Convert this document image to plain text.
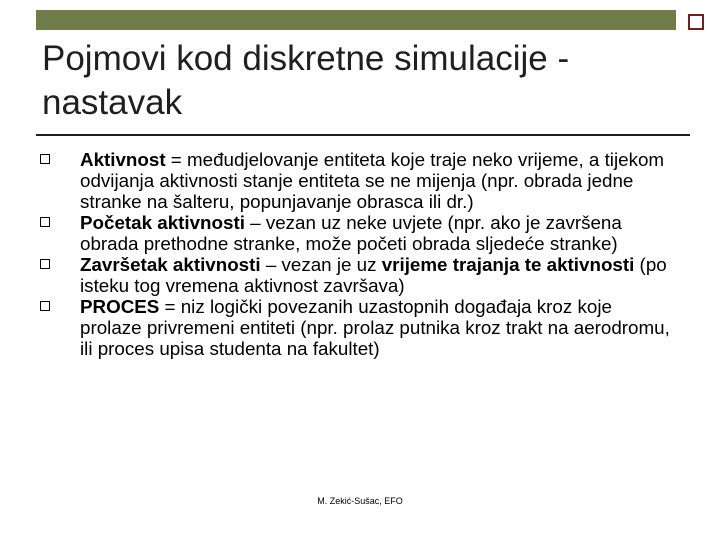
Pojmovi kod diskretne simulacije - nastavak
Aktivnost = međudjelovanje entiteta koje traje neko vrijeme, a tijekom odvijanja aktivnosti stanje entiteta se ne mijenja (npr. obrada jedne stranke na šalteru, popunjavanje obrasca ili dr.)
Početak aktivnosti – vezan uz neke uvjete (npr. ako je završena obrada prethodne stranke, može početi obrada sljedeće stranke)
Završetak aktivnosti – vezan je uz vrijeme trajanja te aktivnosti (po isteku tog vremena aktivnost završava)
PROCES = niz logički povezanih uzastopnih događaja kroz koje prolaze privremeni entiteti (npr. prolaz putnika kroz trakt na aerodromu, ili proces upisa studenta na fakultet)
M. Zekić-Sušac, EFO
